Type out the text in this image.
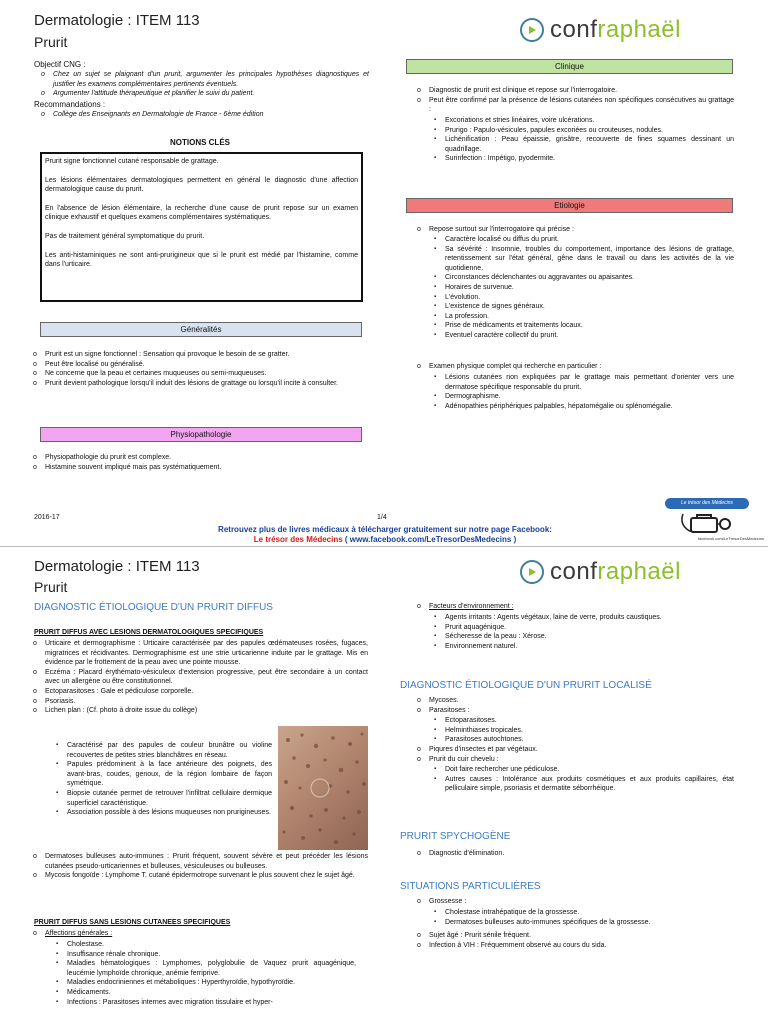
Dermatologie : ITEM 113
Prurit	confraphaël
Objectif CNG :
o Chez un sujet se plaignant d'un prurit, argumenter les principales hypothèses diagnostiques et justifier les examens complémentaires pertinents éventuels.
o Argumenter l'attitude thérapeutique et planifier le suivi du patient.
Recommandations :
o Collège des Enseignants en Dermatologie de France - 6ème édition
NOTIONS CLÉS
Prurit signe fonctionnel cutané responsable de grattage.
Les lésions élémentaires dermatologiques permettent en général le diagnostic d'une affection dermatologique cause du prurit.
En l'absence de lésion élémentaire, la recherche d'une cause de prurit repose sur un examen clinique exhaustif et quelques examens complémentaires systématiques.
Pas de traitement général symptomatique du prurit.
Les anti-histaminiques ne sont anti-prurigineux que si le prurit est médié par l'histamine, comme dans l'urticaire.
Généralités
o Prurit est un signe fonctionnel : Sensation qui provoque le besoin de se gratter.
o Peut être localisé ou généralisé.
o Ne concerne que la peau et certaines muqueuses ou semi-muqueuses.
o Prurit devient pathologique lorsqu'il induit des lésions de grattage ou lorsqu'il incite à consulter.
Physiopathologie
o Physiopathologie du prurit est complexe.
o Histamine souvent impliqué mais pas systématiquement.
Clinique
o Diagnostic de prurit est clinique et repose sur l'interrogatoire.
o Peut être confirmé par la présence de lésions cutanées non spécifiques consécutives au grattage :
▪ Excoriations et stries linéaires, voire ulcérations.
▪ Prurigo : Papulo-vésicules, papules excoriées ou crouteuses, nodules.
▪ Lichénification : Peau épaissie, grisâtre, recouverte de fines squames dessinant un quadrillage.
▪ Surinfection : Impétigo, pyodermite.
Etiologie
o Repose surtout sur l'interrogatoire qui précise :
▪ Caractère localisé ou diffus du prurit.
▪ Sa sévérité : Insomnie, troubles du comportement, importance des lésions de grattage, retentissement sur l'état général, gêne dans le travail ou dans les activités de la vie quotidienne.
▪ Circonstances déclenchantes ou aggravantes ou apaisantes.
▪ Horaires de survenue.
▪ L'évolution.
▪ L'existence de signes généraux.
▪ La profession.
▪ Prise de médicaments et traitements locaux.
▪ Eventuel caractère collectif du prurit.
o Examen physique complet qui recherche en particulier :
▪ Lésions cutanées non expliquées par le grattage mais permettant d'orienter vers une dermatose spécifique responsable du prurit.
▪ Dermographisme.
▪ Adénopathies périphériques palpables, hépatomégalie ou splénomégalie.
2016-17	1/4
Retrouvez plus de livres médicaux à télécharger gratuitement sur notre page Facebook:
Le trésor des Médecins ( www.facebook.com/LeTresorDesMedecins )
Le trésor des Médecins
facebook.com/LeTresorDesMedecins
Dermatologie : ITEM 113
Prurit
confraphaël
DIAGNOSTIC ÉTIOLOGIQUE D'UN PRURIT DIFFUS
PRURIT DIFFUS AVEC LESIONS DERMATOLOGIQUES SPECIFIQUES
o Urticaire et dermographisme : Urticaire caractérisée par des papules œdémateuses rosées, fugaces, migratrices et récidivantes. Dermographisme est une strie urticarienne induite par le grattage. Mis en évidence par le frottement de la peau avec une pointe mousse.
o Eczéma : Placard érythémato-vésiculeux d'extension progressive, peut être secondaire à un contact avec un allergène ou être constitutionnel.
o Ectoparasitoses : Gale et pédiculose corporelle.
o Psoriasis.
o Lichen plan : (Cf. photo à droite issue du collège)
▪ Caractérisé par des papules de couleur brunâtre ou violine recouvertes de petites stries blanchâtres en réseau.
▪ Papules prédominent à la face antérieure des poignets, des avant-bras, coudes, genoux, de la région lombaire de façon symétrique.
▪ Biopsie cutanée permet de retrouver l'infiltrat cellulaire dermique superficiel caractéristique.
▪ Association possible à des lésions muqueuses non prurigineuses.
o Dermatoses bulleuses auto-immunes : Prurit fréquent, souvent sévère et peut précéder les lésions cutanées pseudo-urticariennes et bulleuses, vésiculeuses ou bulleuses.
o Mycosis fongoïde : Lymphome T. cutané épidermotrope survenant le plus souvent chez le sujet âgé.
PRURIT DIFFUS SANS LESIONS CUTANEES SPECIFIQUES
o Affections générales :
▪ Cholestase.
▪ Insuffisance rénale chronique.
▪ Maladies hématologiques : Lymphomes, polyglobulie de Vaquez prurit aquagénique, leucémie lymphoïde chronique, anémie ferriprive.
▪ Maladies endocriniennes et métaboliques : Hyperthyroïdie, hypothyroïdie.
▪ Médicaments.
▪ Infections : Parasitoses internes avec migration tissulaire et hyper-
o Facteurs d'environnement :
▪ Agents irritants : Agents végétaux, laine de verre, produits caustiques.
▪ Prurit aquagénique.
▪ Sécheresse de la peau : Xérose.
▪ Environnement naturel.
DIAGNOSTIC ÉTIOLOGIQUE D'UN PRURIT LOCALISÉ
o Mycoses.
o Parasitoses :
▪ Ectoparasitoses.
▪ Helminthiases tropicales.
▪ Parasitoses autochtones.
o Piqures d'insectes et par végétaux.
o Prurit du cuir chevelu :
▪ Doit faire rechercher une pédiculose.
▪ Autres causes : Intolérance aux produits cosmétiques et aux produits capillaires, état pelliculaire simple, psoriasis et dermatite séborrhéique.
PRURIT SPYCHOGÈNE
o Diagnostic d'élimination.
SITUATIONS PARTICULIÈRES
o Grossesse :
▪ Cholestase intrahépatique de la grossesse.
▪ Dermatoses bulleuses auto-immunes spécifiques de la grossesse.
o Sujet âgé : Prurit sénile fréquent.
o Infection à VIH : Fréquemment observé au cours du sida.
